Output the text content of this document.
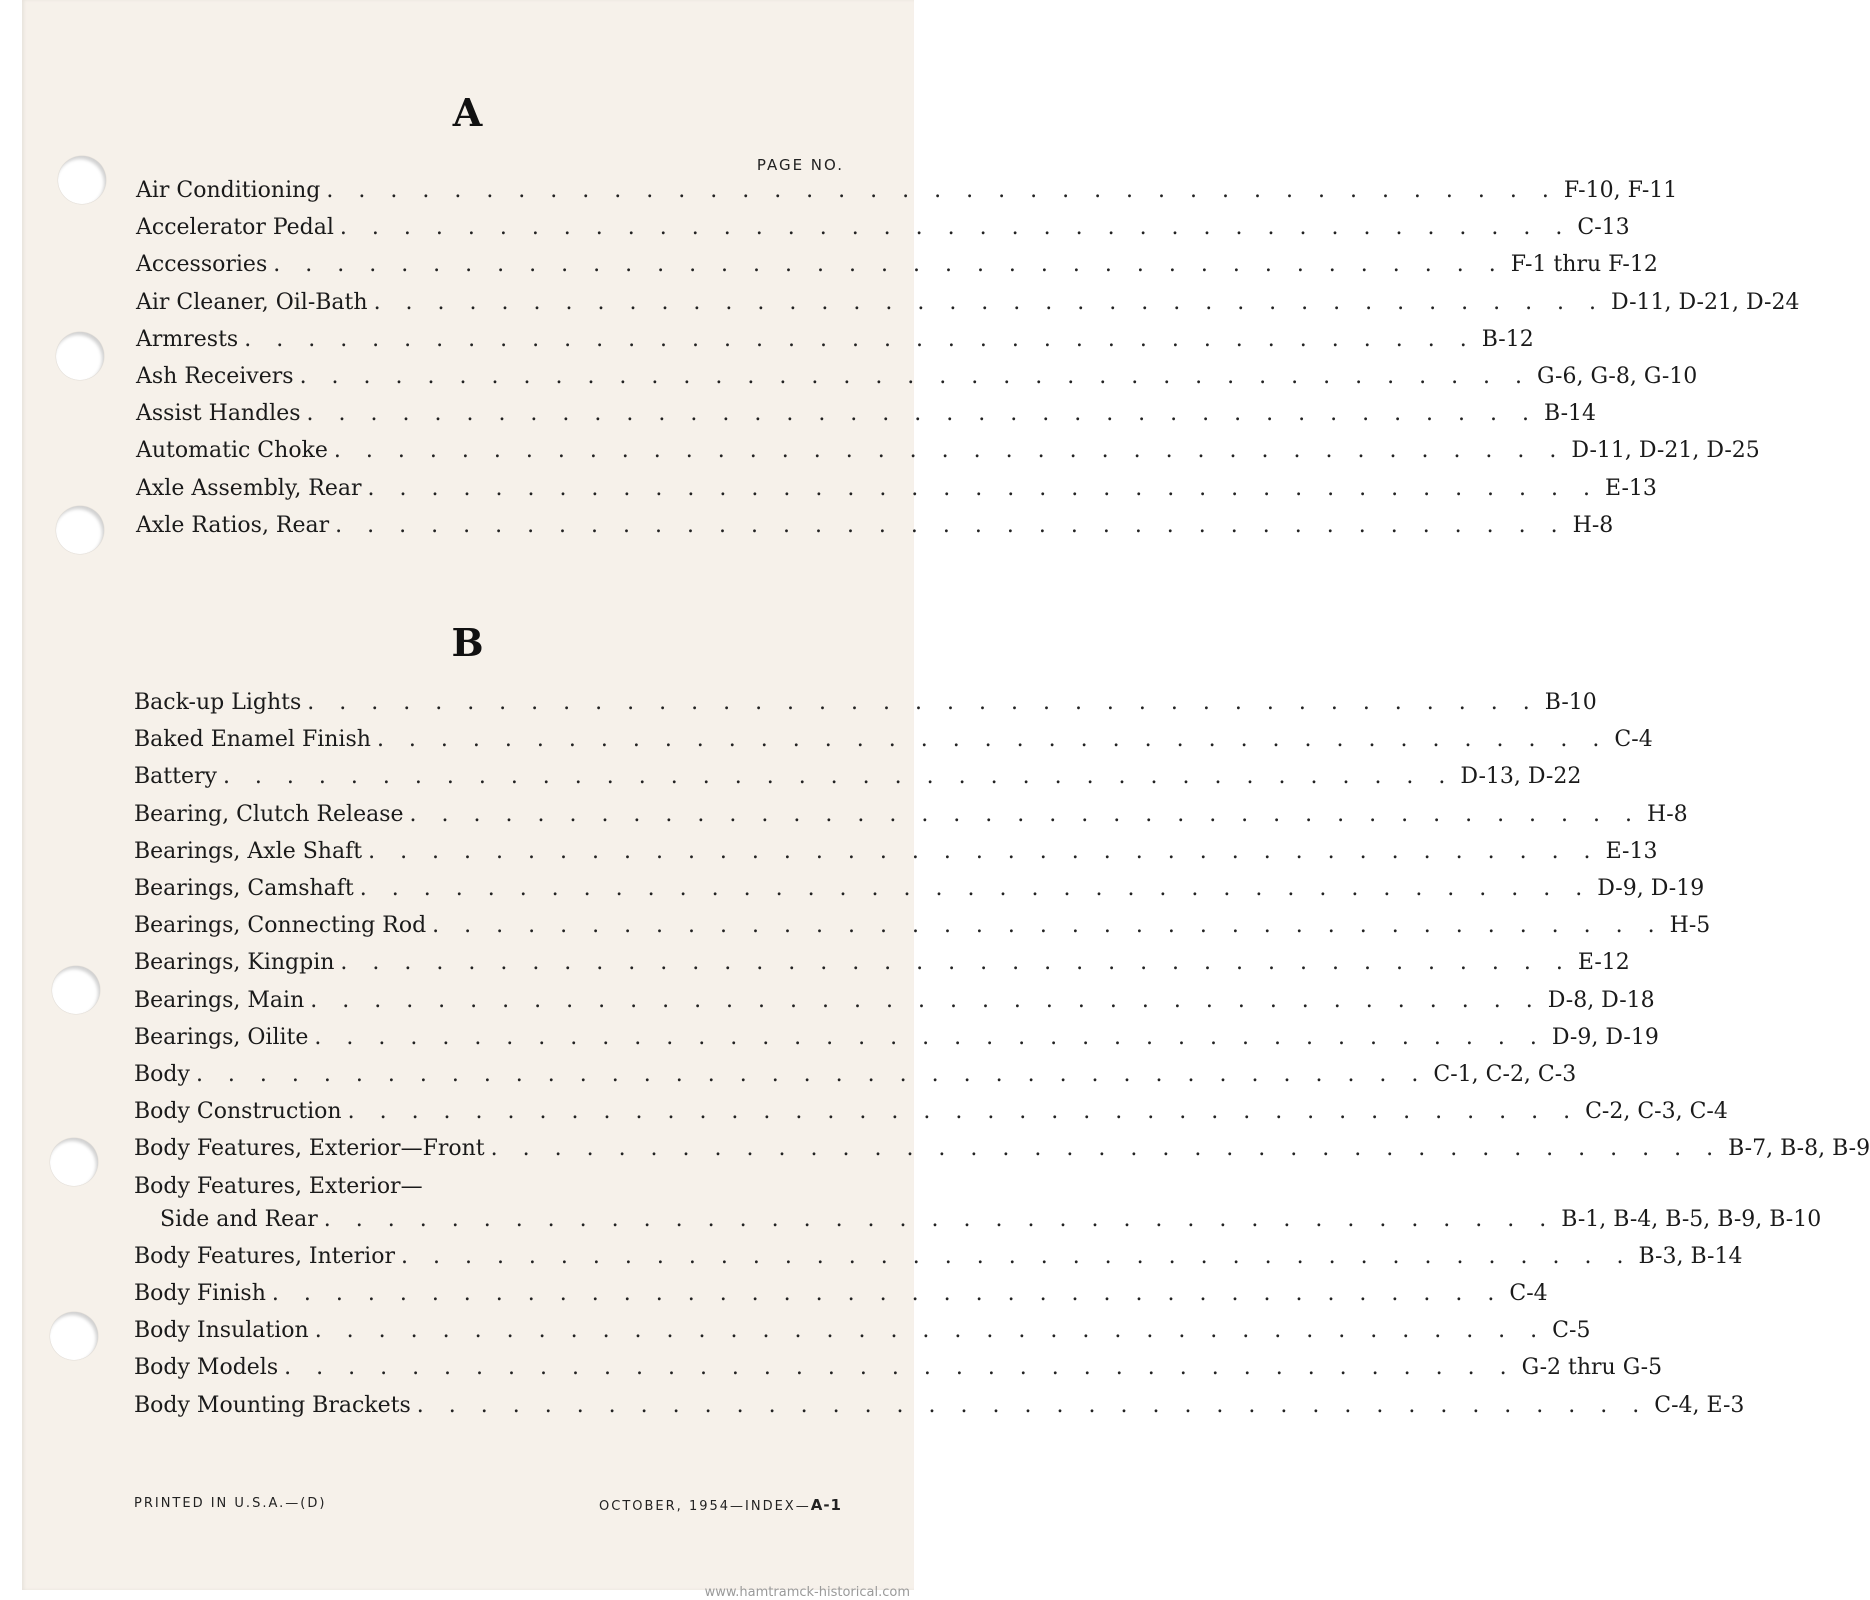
A
PAGE NO.
Air Conditioning . . . . . . . . . . . . . . . . . . . . . . . . . . . . . . . . . . . . . . . F-10, F-11
Accelerator Pedal . . . . . . . . . . . . . . . . . . . . . . . . . . . . . . . . . . . . . . . C-13
Accessories . . . . . . . . . . . . . . . . . . . . . . . . . . . . . . . . . . . . . . . F-1 thru F-12
Air Cleaner, Oil-Bath . . . . . . . . . . . . . . . . . . . . . . . . . . . . . . . . . . . . . . . D-11, D-21, D-24
Armrests . . . . . . . . . . . . . . . . . . . . . . . . . . . . . . . . . . . . . . . B-12
Ash Receivers . . . . . . . . . . . . . . . . . . . . . . . . . . . . . . . . . . . . . . . G-6, G-8, G-10
Assist Handles . . . . . . . . . . . . . . . . . . . . . . . . . . . . . . . . . . . . . . . B-14
Automatic Choke . . . . . . . . . . . . . . . . . . . . . . . . . . . . . . . . . . . . . . . D-11, D-21, D-25
Axle Assembly, Rear . . . . . . . . . . . . . . . . . . . . . . . . . . . . . . . . . . . . . . . E-13
Axle Ratios, Rear . . . . . . . . . . . . . . . . . . . . . . . . . . . . . . . . . . . . . . . H-8
B
Back-up Lights . . . . . . . . . . . . . . . . . . . . . . . . . . . . . . . . . . . . . . . B-10
Baked Enamel Finish . . . . . . . . . . . . . . . . . . . . . . . . . . . . . . . . . . . . . . . C-4
Battery . . . . . . . . . . . . . . . . . . . . . . . . . . . . . . . . . . . . . . . D-13, D-22
Bearing, Clutch Release . . . . . . . . . . . . . . . . . . . . . . . . . . . . . . . . . . . . . . . H-8
Bearings, Axle Shaft . . . . . . . . . . . . . . . . . . . . . . . . . . . . . . . . . . . . . . . E-13
Bearings, Camshaft . . . . . . . . . . . . . . . . . . . . . . . . . . . . . . . . . . . . . . . D-9, D-19
Bearings, Connecting Rod . . . . . . . . . . . . . . . . . . . . . . . . . . . . . . . . . . . . . . . H-5
Bearings, Kingpin . . . . . . . . . . . . . . . . . . . . . . . . . . . . . . . . . . . . . . . E-12
Bearings, Main . . . . . . . . . . . . . . . . . . . . . . . . . . . . . . . . . . . . . . . D-8, D-18
Bearings, Oilite . . . . . . . . . . . . . . . . . . . . . . . . . . . . . . . . . . . . . . . D-9, D-19
Body . . . . . . . . . . . . . . . . . . . . . . . . . . . . . . . . . . . . . . . C-1, C-2, C-3
Body Construction . . . . . . . . . . . . . . . . . . . . . . . . . . . . . . . . . . . . . . . C-2, C-3, C-4
Body Features, Exterior—Front . . . . . . . . . . . . . . . . . . . . . . . . . . . . . . . . . . . . . . . B-7, B-8, B-9
Body Features, Exterior—
Side and Rear . . . . . . . . . . . . . . . . . . . . . . . . . . . . . . . . . . . . . . . B-1, B-4, B-5, B-9, B-10
Body Features, Interior . . . . . . . . . . . . . . . . . . . . . . . . . . . . . . . . . . . . . . . B-3, B-14
Body Finish . . . . . . . . . . . . . . . . . . . . . . . . . . . . . . . . . . . . . . . C-4
Body Insulation . . . . . . . . . . . . . . . . . . . . . . . . . . . . . . . . . . . . . . . C-5
Body Models . . . . . . . . . . . . . . . . . . . . . . . . . . . . . . . . . . . . . . . G-2 thru G-5
Body Mounting Brackets . . . . . . . . . . . . . . . . . . . . . . . . . . . . . . . . . . . . . . . C-4, E-3
PRINTED IN U.S.A.—(D)	OCTOBER, 1954—INDEX—A-1
www.hamtramck-historical.com
